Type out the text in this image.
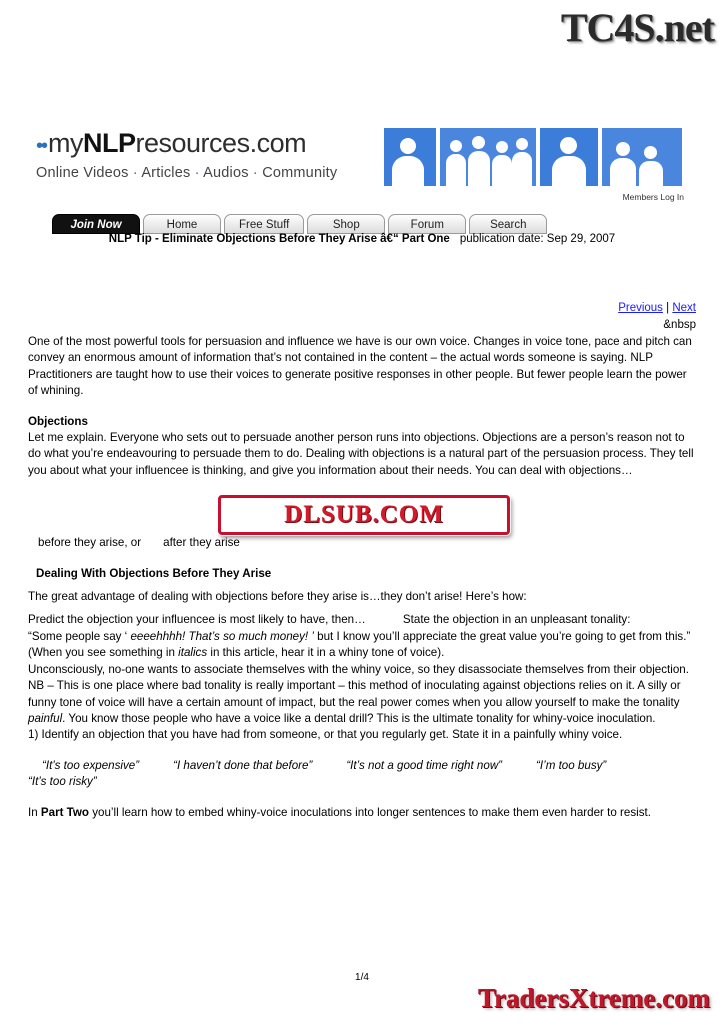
TC4S.net
••myNLPresources.com
Online Videos · Articles · Audios · Community
Members Log In
Join Now	Home	Free Stuff	Shop	Forum	Search
NLP Tip - Eliminate Objections Before They Arise â€“ Part One publication date: Sep 29, 2007
Previous | Next
&nbsp

One of the most powerful tools for persuasion and influence we have is our own voice. Changes in voice tone, pace and pitch can convey an enormous amount of information that’s not contained in the content – the actual words someone is saying. NLP Practitioners are taught how to use their voices to generate positive responses in other people. But fewer people learn the power of whining.

Objections

Let me explain. Everyone who sets out to persuade another person runs into objections. Objections are a person’s reason not to do what you’re endeavouring to persuade them to do. Dealing with objections is a natural part of the persuasion process. They tell you about what your influencee is thinking, and give you information about their needs. You can deal with objections…

before they arise, or after they arise

Dealing With Objections Before They Arise

The great advantage of dealing with objections before they arise is…they don’t arise! Here’s how:

Predict the objection your influencee is most likely to have, then…	State the objection in an unpleasant tonality:

“Some people say ‘ eeeehhhh! That’s so much money! ’ but I know you’ll appreciate the great value you’re going to get from this.”

(When you see something in italics in this article, hear it in a whiny tone of voice).

Unconsciously, no-one wants to associate themselves with the whiny voice, so they disassociate themselves from their objection. NB – This is one place where bad tonality is really important – this method of inoculating against objections relies on it. A silly or funny tone of voice will have a certain amount of impact, but the real power comes when you allow yourself to make the tonality painful. You know those people who have a voice like a dental drill? This is the ultimate tonality for whiny-voice inoculation.

1) Identify an objection that you have had from someone, or that you regularly get. State it in a painfully whiny voice.

“It’s too expensive”	“I haven’t done that before”	“It’s not a good time right now”	“I’m too busy”
“It’s too risky”

In Part Two you’ll learn how to embed whiny-voice inoculations into longer sentences to make them even harder to resist.

DLSUB.COM
1/4
TradersXtreme.com
